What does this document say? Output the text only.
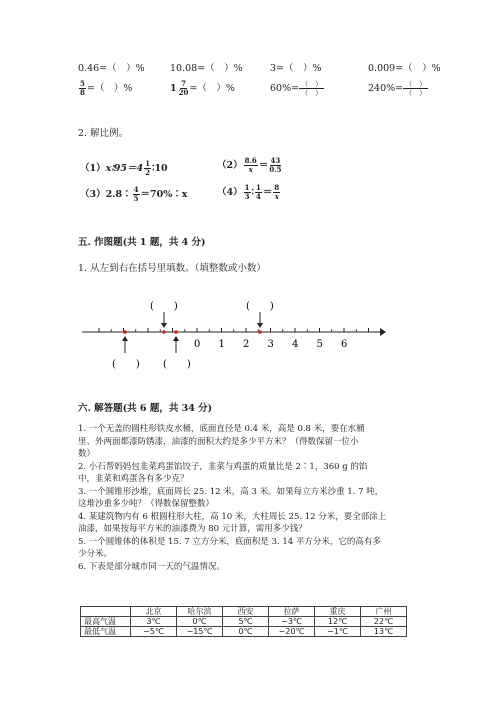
0.46=（　）%	10.08=（　）%	3=（　）%	0.009=（　）%
$\frac{5}{8}$ =（　）%	$1 \frac{7}{20}$ =（　）%	60%= （　）
（　）	240%= （　）
（　）
2. 解比例。
（1）x∶95＝4 $\frac{1}{2}$ ∶10	$(2) \frac{8.6}{x} = \frac{43}{0.5}$
（3）2.8∶ $\frac{4}{5}$ ＝70%∶x	$(4) \frac{1}{3}$ ∶ $\frac{1}{4} = \frac{8}{x}$
五. 作图题(共 1 题，共 4 分)
1. 从左到右在括号里填数。（填整数或小数）
0 1 2 3 4 5 6
(　　)	(　　)
(　　) (　　)
六. 解答题(共 6 题，共 34 分)
1. 一个无盖的圆柱形铁皮水桶，底面直径是 0.4 米，高是 0.8 米，要在水桶
里、外两面都漆防锈漆，油漆的面积大约是多少平方米？（得数保留一位小
数）
2. 小石帮妈妈包韭菜鸡蛋馅饺子，韭菜与鸡蛋的质量比是 2∶1，360 g 的馅
中，韭菜和鸡蛋各有多少克？
3. 一个圆锥形沙堆，底面周长 25. 12 米，高 3 米。如果每立方米沙重 1. 7 吨，
这堆沙重多少吨？（得数保留整数）
4. 某建筑物内有 6 根圆柱形大柱，高 10 米，大柱周长 25. 12 分米，要全部涂上
油漆，如果按每平方米的油漆费为 80 元计算，需用多少钱？
5. 一个圆锥体的体积是 15. 7 立方分米，底面积是 3. 14 平方分米，它的高有多
少分米。
6. 下表是部分城市同一天的气温情况。
	北京	哈尔滨	西安	拉萨	重庆	广州
最高气温	3℃	0℃	5℃	−3℃	12℃	22℃
最低气温	−5℃	−15℃	0℃	−20℃	−1℃	13℃
